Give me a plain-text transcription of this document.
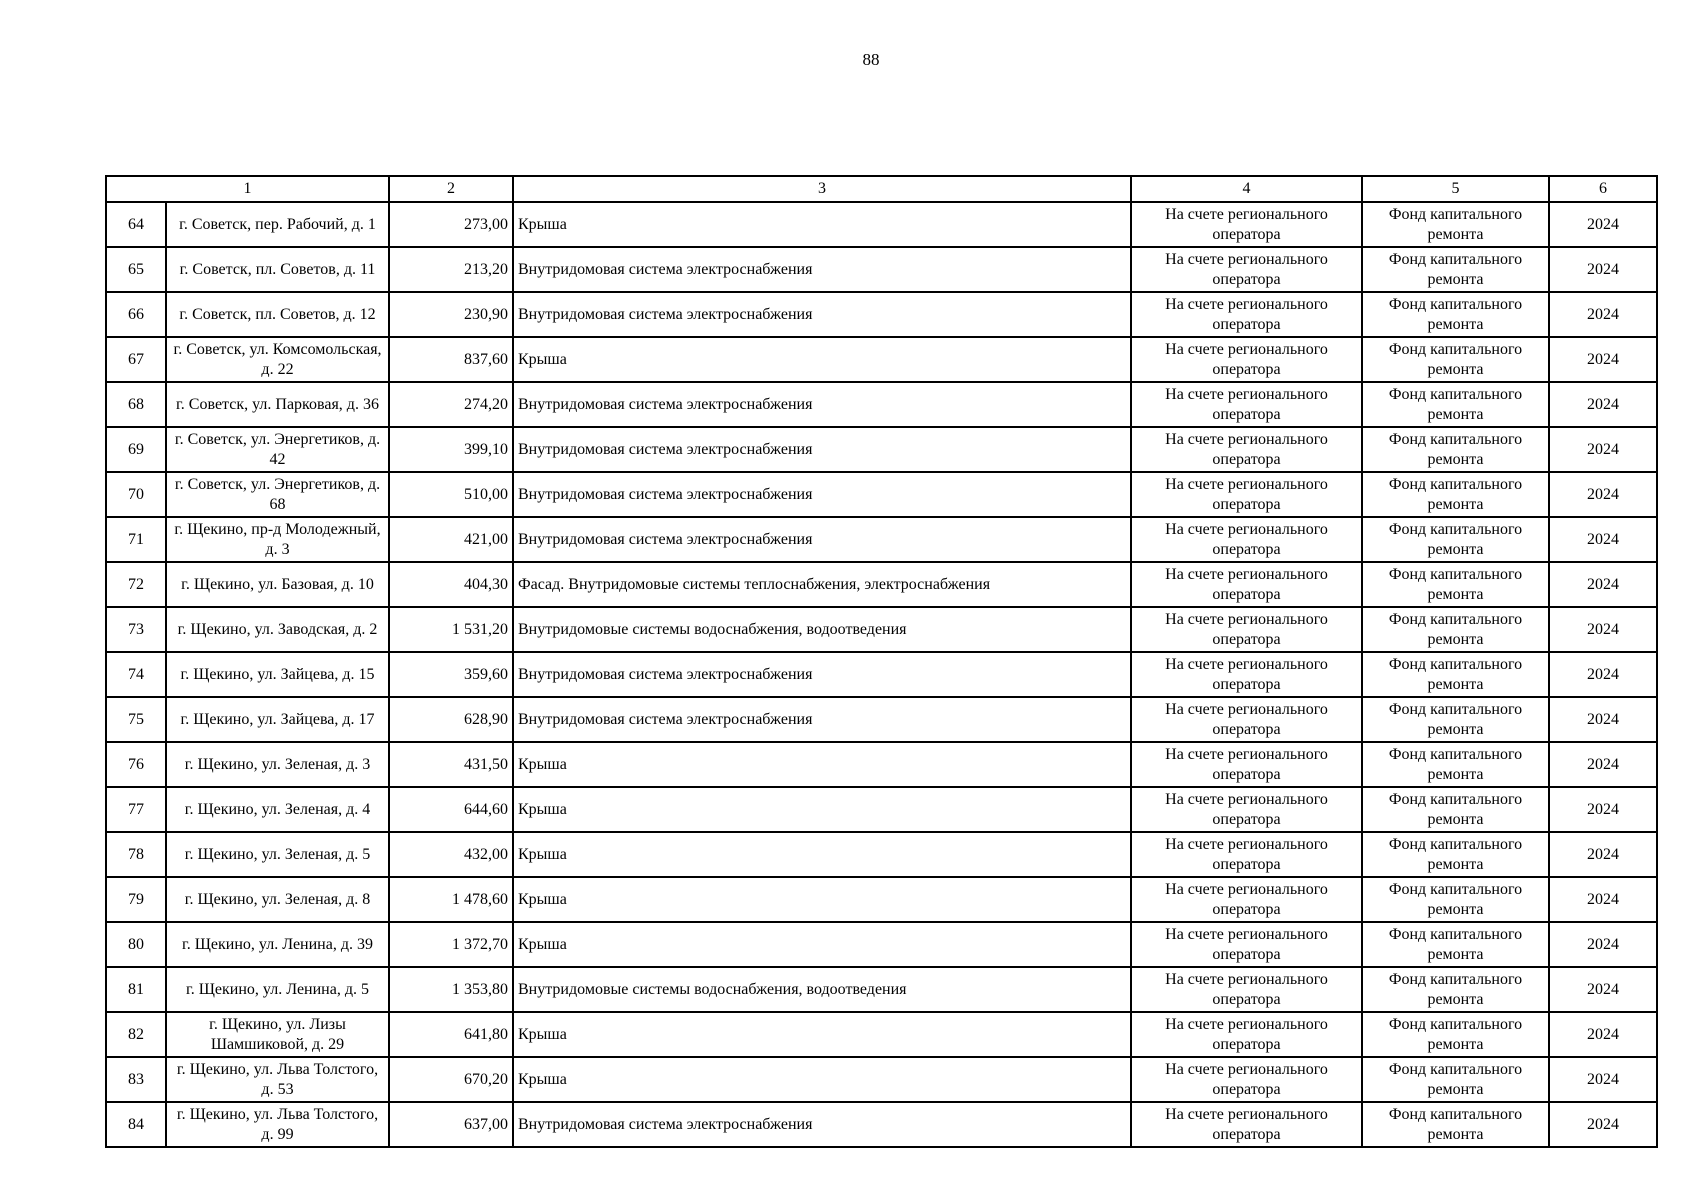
88
1		2	3	4	5	6
64	г. Советск, пер. Рабочий, д. 1	273,00	Крыша	На счете регионального оператора	Фонд капитального ремонта	2024
65	г. Советск, пл. Советов, д. 11	213,20	Внутридомовая система электроснабжения	На счете регионального оператора	Фонд капитального ремонта	2024
66	г. Советск, пл. Советов, д. 12	230,90	Внутридомовая система электроснабжения	На счете регионального оператора	Фонд капитального ремонта	2024
67	г. Советск, ул. Комсомольская, д. 22	837,60	Крыша	На счете регионального оператора	Фонд капитального ремонта	2024
68	г. Советск, ул. Парковая, д. 36	274,20	Внутридомовая система электроснабжения	На счете регионального оператора	Фонд капитального ремонта	2024
69	г. Советск, ул. Энергетиков, д. 42	399,10	Внутридомовая система электроснабжения	На счете регионального оператора	Фонд капитального ремонта	2024
70	г. Советск, ул. Энергетиков, д. 68	510,00	Внутридомовая система электроснабжения	На счете регионального оператора	Фонд капитального ремонта	2024
71	г. Щекино, пр-д Молодежный, д. 3	421,00	Внутридомовая система электроснабжения	На счете регионального оператора	Фонд капитального ремонта	2024
72	г. Щекино, ул. Базовая, д. 10	404,30	Фасад. Внутридомовые системы теплоснабжения, электроснабжения	На счете регионального оператора	Фонд капитального ремонта	2024
73	г. Щекино, ул. Заводская, д. 2	1 531,20	Внутридомовые системы водоснабжения, водоотведения	На счете регионального оператора	Фонд капитального ремонта	2024
74	г. Щекино, ул. Зайцева, д. 15	359,60	Внутридомовая система электроснабжения	На счете регионального оператора	Фонд капитального ремонта	2024
75	г. Щекино, ул. Зайцева, д. 17	628,90	Внутридомовая система электроснабжения	На счете регионального оператора	Фонд капитального ремонта	2024
76	г. Щекино, ул. Зеленая, д. 3	431,50	Крыша	На счете регионального оператора	Фонд капитального ремонта	2024
77	г. Щекино, ул. Зеленая, д. 4	644,60	Крыша	На счете регионального оператора	Фонд капитального ремонта	2024
78	г. Щекино, ул. Зеленая, д. 5	432,00	Крыша	На счете регионального оператора	Фонд капитального ремонта	2024
79	г. Щекино, ул. Зеленая, д. 8	1 478,60	Крыша	На счете регионального оператора	Фонд капитального ремонта	2024
80	г. Щекино, ул. Ленина, д. 39	1 372,70	Крыша	На счете регионального оператора	Фонд капитального ремонта	2024
81	г. Щекино, ул. Ленина, д. 5	1 353,80	Внутридомовые системы водоснабжения, водоотведения	На счете регионального оператора	Фонд капитального ремонта	2024
82	г. Щекино, ул. Лизы Шамшиковой, д. 29	641,80	Крыша	На счете регионального оператора	Фонд капитального ремонта	2024
83	г. Щекино, ул. Льва Толстого, д. 53	670,20	Крыша	На счете регионального оператора	Фонд капитального ремонта	2024
84	г. Щекино, ул. Льва Толстого, д. 99	637,00	Внутридомовая система электроснабжения	На счете регионального оператора	Фонд капитального ремонта	2024
